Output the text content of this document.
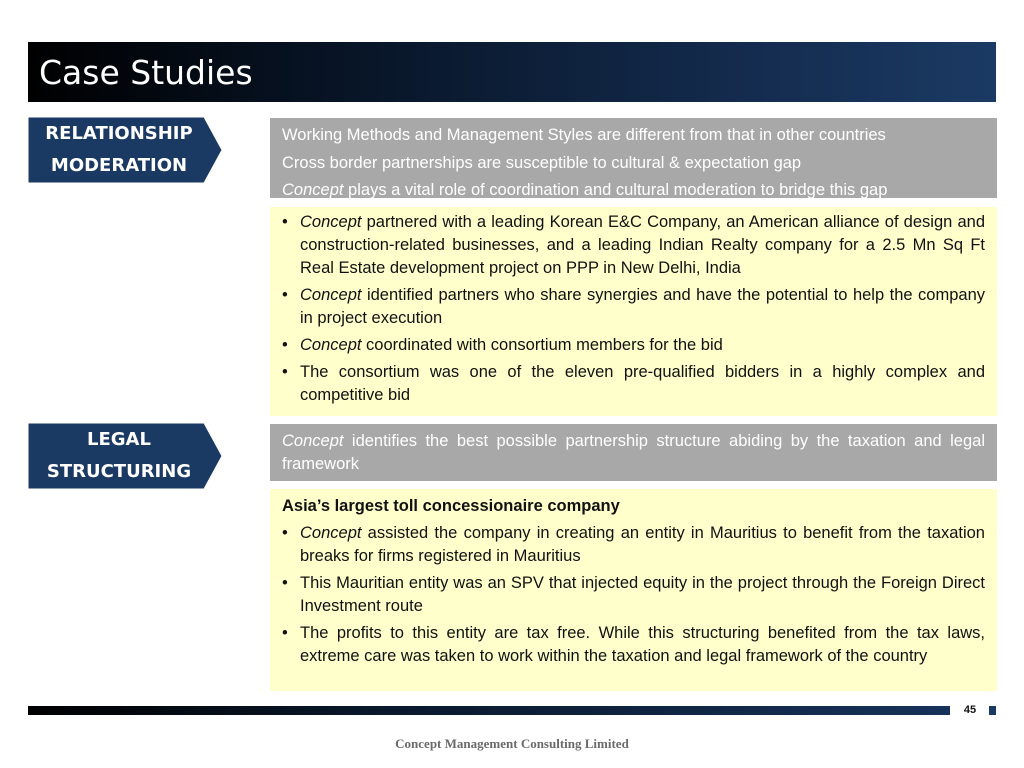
Case Studies
RELATIONSHIP
MODERATION
Working Methods and Management Styles are different from that in other countries
Cross border partnerships are susceptible to cultural & expectation gap
Concept plays a vital role of coordination and cultural moderation to bridge this gap
• Concept partnered with a leading Korean E&C Company, an American alliance of design and construction-related businesses, and a leading Indian Realty company for a 2.5 Mn Sq Ft Real Estate development project on PPP in New Delhi, India
• Concept identified partners who share synergies and have the potential to help the company in project execution
• Concept coordinated with consortium members for the bid
• The consortium was one of the eleven pre-qualified bidders in a highly complex and competitive bid
LEGAL
STRUCTURING
Concept identifies the best possible partnership structure abiding by the taxation and legal framework
Asia’s largest toll concessionaire company
• Concept assisted the company in creating an entity in Mauritius to benefit from the taxation breaks for firms registered in Mauritius
• This Mauritian entity was an SPV that injected equity in the project through the Foreign Direct Investment route
• The profits to this entity are tax free. While this structuring benefited from the tax laws, extreme care was taken to work within the taxation and legal framework of the country
45
Concept Management Consulting Limited
